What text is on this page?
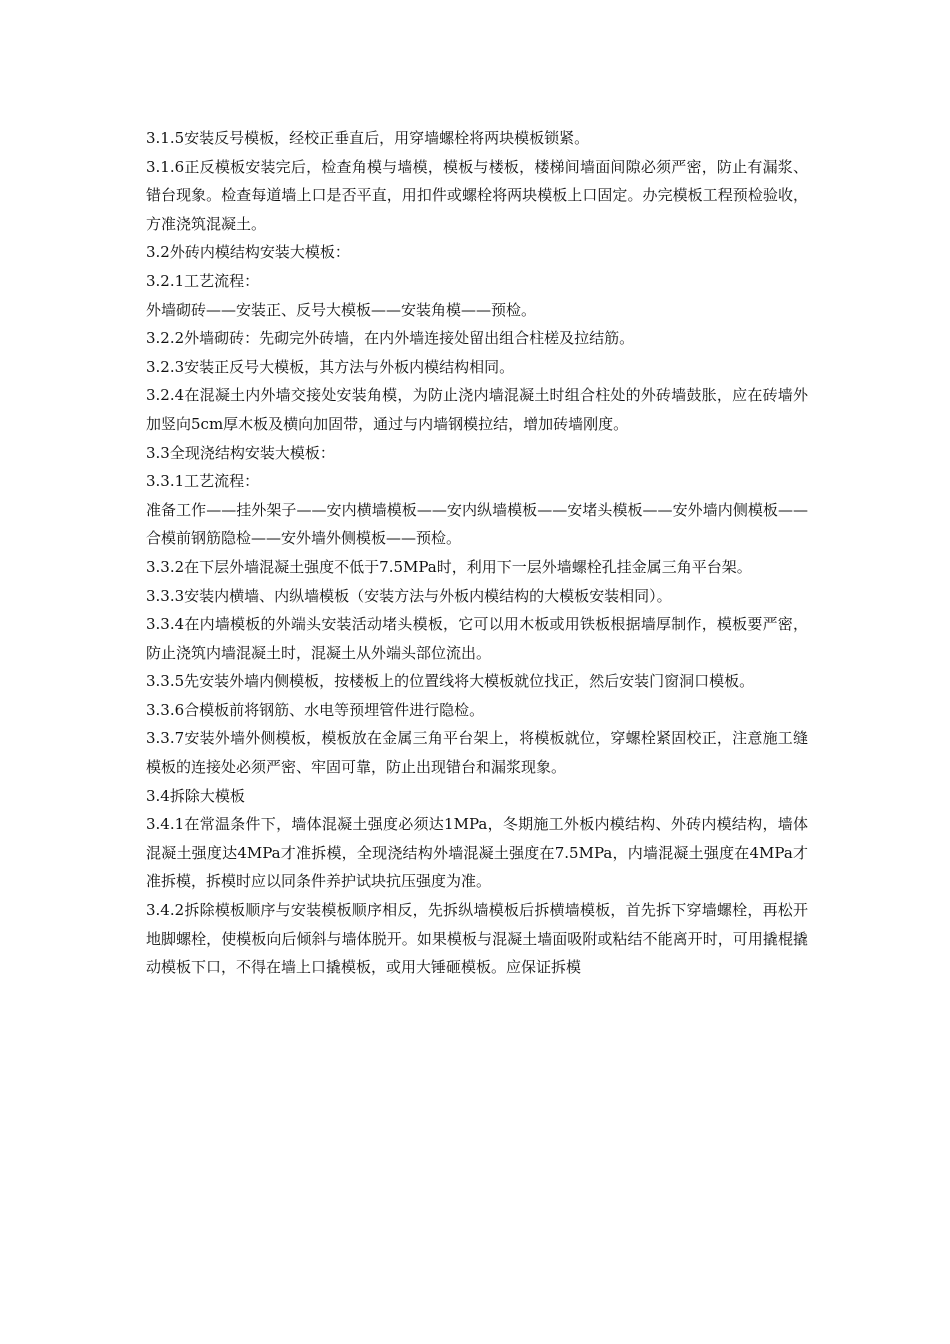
3.1.5安装反号模板，经校正垂直后，用穿墙螺栓将两块模板锁紧。

3.1.6正反模板安装完后，检查角模与墙模，模板与楼板，楼梯间墙面间隙必须严密，防止有漏浆、错台现象。检查每道墙上口是否平直，用扣件或螺栓将两块模板上口固定。办完模板工程预检验收，方准浇筑混凝土。

3.2外砖内模结构安装大模板：

3.2.1工艺流程：

外墙砌砖——安装正、反号大模板——安装角模——预检。

3.2.2外墙砌砖：先砌完外砖墙，在内外墙连接处留出组合柱槎及拉结筋。

3.2.3安装正反号大模板，其方法与外板内模结构相同。

3.2.4在混凝土内外墙交接处安装角模，为防止浇内墙混凝土时组合柱处的外砖墙鼓胀，应在砖墙外加竖向5cm厚木板及横向加固带，通过与内墙钢模拉结，增加砖墙刚度。

3.3全现浇结构安装大模板：

3.3.1工艺流程：

准备工作——挂外架子——安内横墙模板——安内纵墙模板——安堵头模板——安外墙内侧模板——合模前钢筋隐检——安外墙外侧模板——预检。

3.3.2在下层外墙混凝土强度不低于7.5MPa时，利用下一层外墙螺栓孔挂金属三角平台架。

3.3.3安装内横墙、内纵墙模板（安装方法与外板内模结构的大模板安装相同）。

3.3.4在内墙模板的外端头安装活动堵头模板，它可以用木板或用铁板根据墙厚制作，模板要严密，防止浇筑内墙混凝土时，混凝土从外端头部位流出。

3.3.5先安装外墙内侧模板，按楼板上的位置线将大模板就位找正，然后安装门窗洞口模板。

3.3.6合模板前将钢筋、水电等预埋管件进行隐检。

3.3.7安装外墙外侧模板，模板放在金属三角平台架上，将模板就位，穿螺栓紧固校正，注意施工缝模板的连接处必须严密、牢固可靠，防止出现错台和漏浆现象。

3.4拆除大模板

3.4.1在常温条件下，墙体混凝土强度必须达1MPa，冬期施工外板内模结构、外砖内模结构，墙体混凝土强度达4MPa才准拆模，全现浇结构外墙混凝土强度在7.5MPa，内墙混凝土强度在4MPa才准拆模，拆模时应以同条件养护试块抗压强度为准。

3.4.2拆除模板顺序与安装模板顺序相反，先拆纵墙模板后拆横墙模板，首先拆下穿墙螺栓，再松开地脚螺栓，使模板向后倾斜与墙体脱开。如果模板与混凝土墙面吸附或粘结不能离开时，可用撬棍撬动模板下口，不得在墙上口撬模板，或用大锤砸模板。应保证拆模
